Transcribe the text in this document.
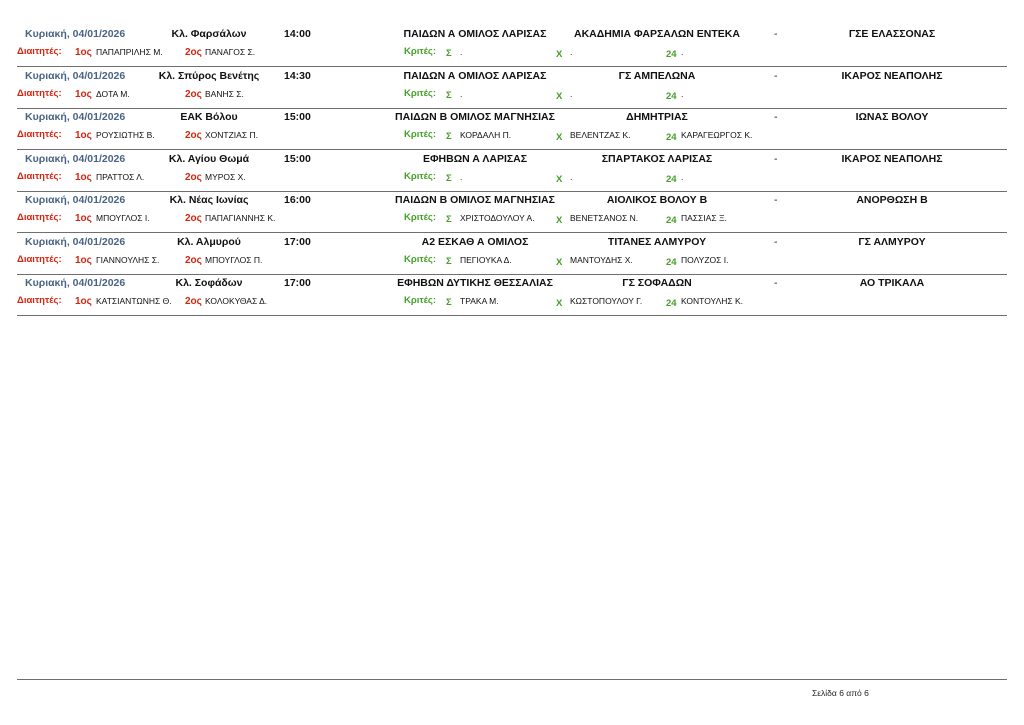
Κυριακή, 04/01/2026	Κλ. Φαρσάλων	14:00	ΠΑΙΔΩΝ Α ΟΜΙΛΟΣ ΛΑΡΙΣΑΣ	ΑΚΑΔΗΜΙΑ ΦΑΡΣΑΛΩΝ ΕΝΤΕΚΑ	-	ΓΣΕ ΕΛΑΣΣΟΝΑΣ
Διαιτητές: 1ος ΠΑΠΑΠΡΙΛΗΣ Μ. 2ος ΠΑΝΑΓΟΣ Σ.	Κριτές: Σ .	Χ .	24 .
Κυριακή, 04/01/2026	Κλ. Σπύρος Βενέτης	14:30	ΠΑΙΔΩΝ Α ΟΜΙΛΟΣ ΛΑΡΙΣΑΣ	ΓΣ ΑΜΠΕΛΩΝΑ	-	ΙΚΑΡΟΣ ΝΕΑΠΟΛΗΣ
Διαιτητές: 1ος ΔΟΤΑ Μ.	2ος ΒΑΝΗΣ Σ.	Κριτές: Σ .	Χ .	24 .
Κυριακή, 04/01/2026	ΕΑΚ Βόλου	15:00	ΠΑΙΔΩΝ Β ΟΜΙΛΟΣ ΜΑΓΝΗΣΙΑΣ	ΔΗΜΗΤΡΙΑΣ	-	ΙΩΝΑΣ ΒΟΛΟΥ
Διαιτητές: 1ος ΡΟΥΣΙΩΤΗΣ Β.	2ος ΧΟΝΤΖΙΑΣ Π.	Κριτές: Σ ΚΟΡΔΑΛΗ Π.	Χ ΒΕΛΕΝΤΖΑΣ Κ.	24 ΚΑΡΑΓΕΩΡΓΟΣ Κ.
Κυριακή, 04/01/2026	Κλ. Αγίου Θωμά	15:00	ΕΦΗΒΩΝ Α ΛΑΡΙΣΑΣ	ΣΠΑΡΤΑΚΟΣ ΛΑΡΙΣΑΣ	-	ΙΚΑΡΟΣ ΝΕΑΠΟΛΗΣ
Διαιτητές: 1ος ΠΡΑΤΤΟΣ Λ.	2ος ΜΥΡΟΣ Χ.	Κριτές: Σ .	Χ .	24 .
Κυριακή, 04/01/2026	Κλ. Νέας Ιωνίας	16:00	ΠΑΙΔΩΝ Β ΟΜΙΛΟΣ ΜΑΓΝΗΣΙΑΣ	ΑΙΟΛΙΚΟΣ ΒΟΛΟΥ Β	-	ΑΝΟΡΘΩΣΗ Β
Διαιτητές: 1ος ΜΠΟΥΓΛΟΣ Ι.	2ος ΠΑΠΑΓΙΑΝΝΗΣ Κ.	Κριτές: Σ ΧΡΙΣΤΟΔΟΥΛΟΥ Α. Χ ΒΕΝΕΤΣΑΝΟΣ Ν.	24 ΠΑΣΣΙΑΣ Ξ.
Κυριακή, 04/01/2026	Κλ. Αλμυρού	17:00	Α2 ΕΣΚΑΘ Α ΟΜΙΛΟΣ	ΤΙΤΑΝΕΣ ΑΛΜΥΡΟΥ	-	ΓΣ ΑΛΜΥΡΟΥ
Διαιτητές: 1ος ΓΙΑΝΝΟΥΛΗΣ Σ.	2ος ΜΠΟΥΓΛΟΣ Π.	Κριτές: Σ ΠΕΓΙΟΥΚΑ Δ.	Χ ΜΑΝΤΟΥΔΗΣ Χ.	24 ΠΟΛΥΖΟΣ Ι.
Κυριακή, 04/01/2026	Κλ. Σοφάδων	17:00	ΕΦΗΒΩΝ ΔΥΤΙΚΗΣ ΘΕΣΣΑΛΙΑΣ	ΓΣ ΣΟΦΑΔΩΝ	-	ΑΟ ΤΡΙΚΑΛΑ
Διαιτητές: 1ος ΚΑΤΣΙΑΝΤΩΝΗΣ Θ. 2ος ΚΟΛΟΚΥΘΑΣ Δ.	Κριτές: Σ ΤΡΑΚΑ Μ.	Χ ΚΩΣΤΟΠΟΥΛΟΥ Γ. 24 ΚΟΝΤΟΥΛΗΣ Κ.
Σελίδα 6 από 6
